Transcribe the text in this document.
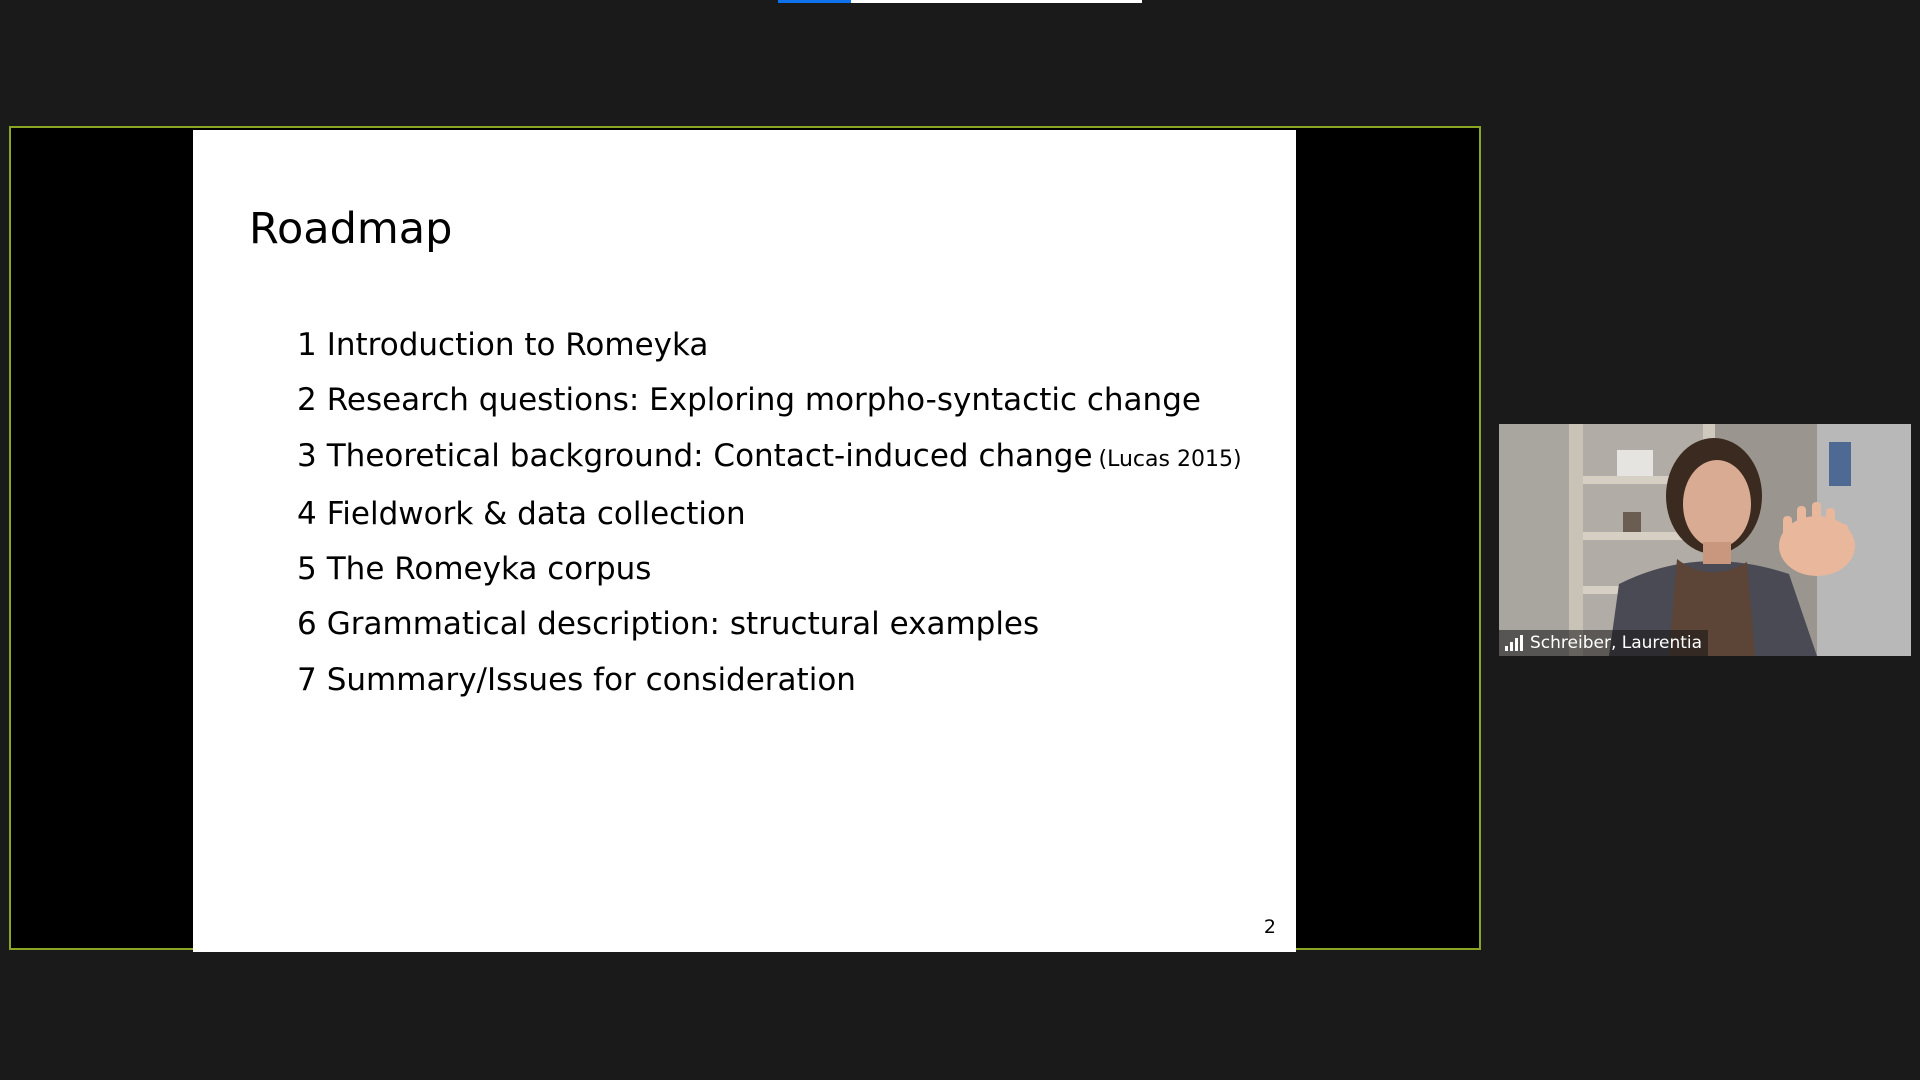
Roadmap
1 Introduction to Romeyka
2 Research questions: Exploring morpho-syntactic change
3 Theoretical background: Contact-induced change (Lucas 2015)
4 Fieldwork & data collection
5 The Romeyka corpus
6 Grammatical description: structural examples
7 Summary/Issues for consideration
2
Schreiber, Laurentia
